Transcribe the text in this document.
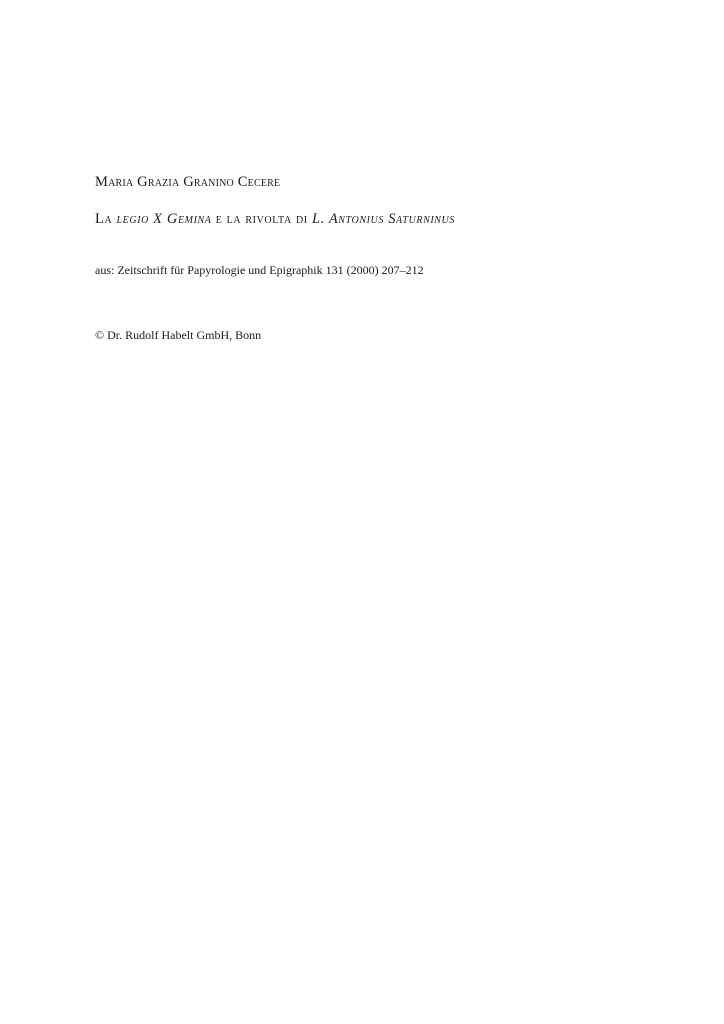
Maria Grazia Granino Cecere
La legio X Gemina e la rivolta di L. Antonius Saturninus
aus: Zeitschrift für Papyrologie und Epigraphik 131 (2000) 207–212
© Dr. Rudolf Habelt GmbH, Bonn
